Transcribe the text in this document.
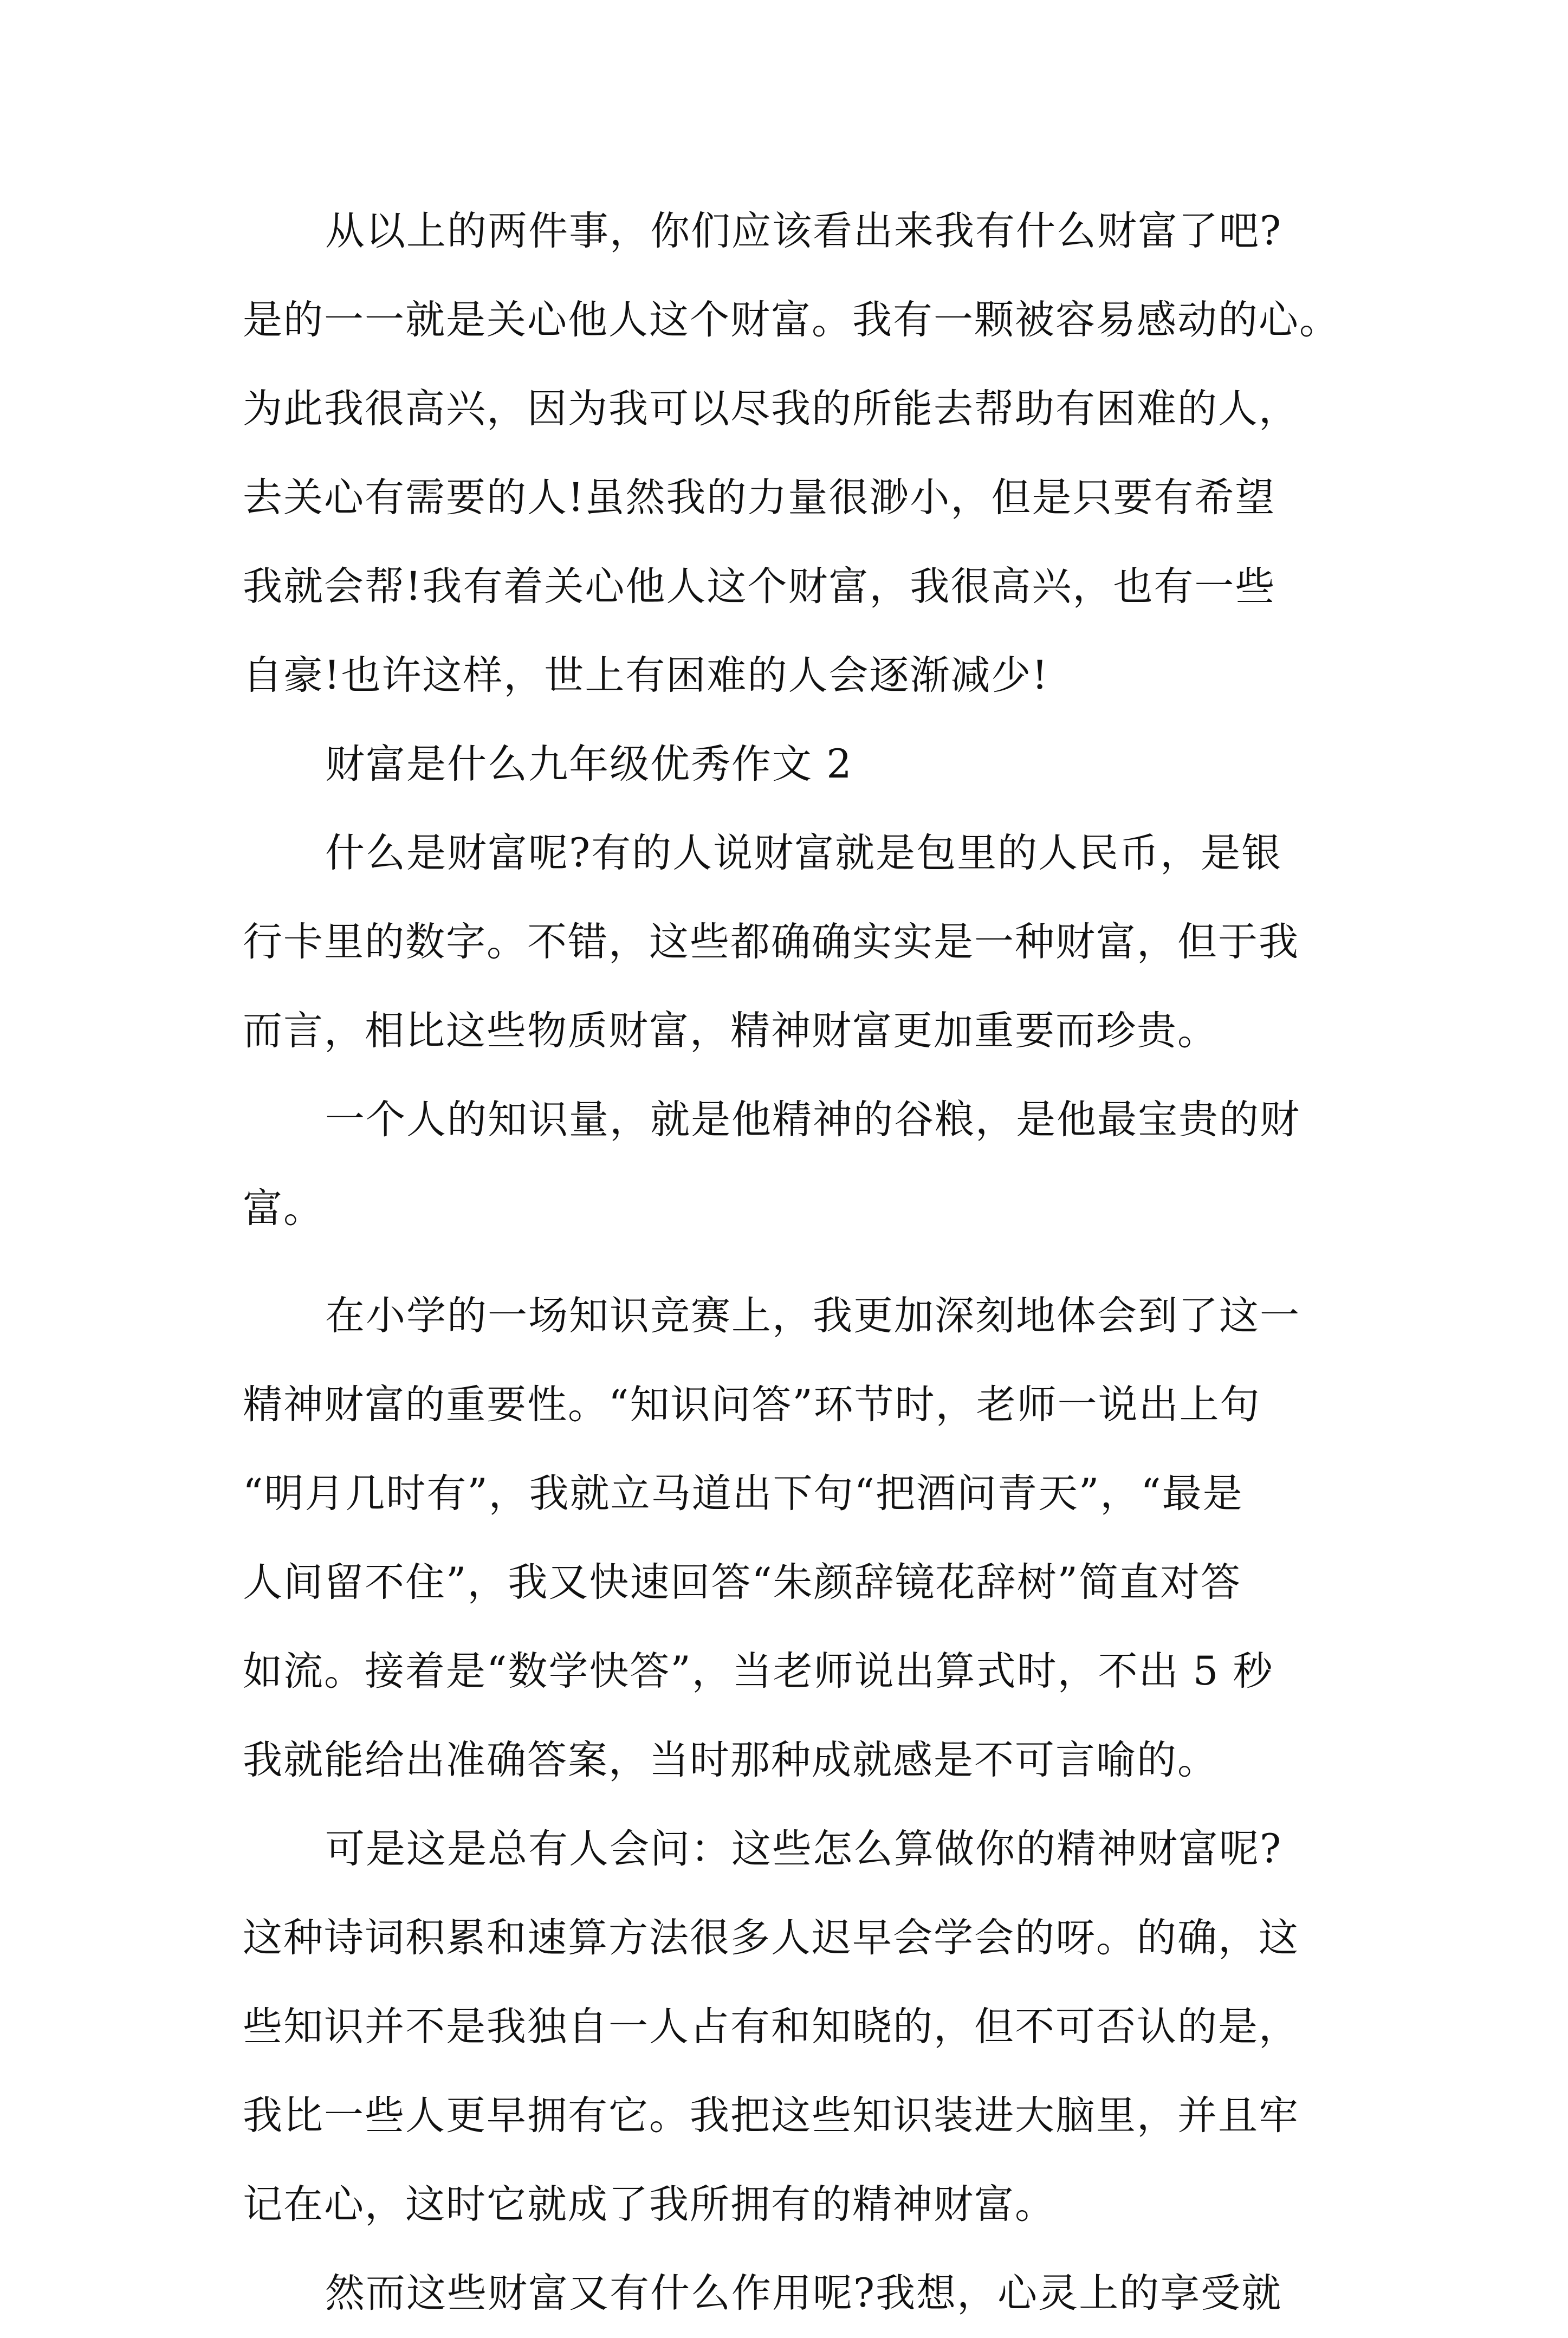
从以上的两件事，你们应该看出来我有什么财富了吧?
是的一一就是关心他人这个财富。我有一颗被容易感动的心。
为此我很高兴，因为我可以尽我的所能去帮助有困难的人，
去关心有需要的人!虽然我的力量很渺小，但是只要有希望
我就会帮!我有着关心他人这个财富，我很高兴，也有一些
自豪!也许这样，世上有困难的人会逐渐减少!
财富是什么九年级优秀作文 2
什么是财富呢?有的人说财富就是包里的人民币，是银
行卡里的数字。不错，这些都确确实实是一种财富，但于我
而言，相比这些物质财富，精神财富更加重要而珍贵。
一个人的知识量，就是他精神的谷粮，是他最宝贵的财
富。
在小学的一场知识竞赛上，我更加深刻地体会到了这一
精神财富的重要性。“知识问答”环节时，老师一说出上句
“明月几时有”，我就立马道出下句“把酒问青天”，“最是
人间留不住”，我又快速回答“朱颜辞镜花辞树”简直对答
如流。接着是“数学快答”，当老师说出算式时，不出 5 秒
我就能给出准确答案，当时那种成就感是不可言喻的。
可是这是总有人会问：这些怎么算做你的精神财富呢?
这种诗词积累和速算方法很多人迟早会学会的呀。的确，这
些知识并不是我独自一人占有和知晓的，但不可否认的是，
我比一些人更早拥有它。我把这些知识装进大脑里，并且牢
记在心，这时它就成了我所拥有的精神财富。
然而这些财富又有什么作用呢?我想，心灵上的享受就
